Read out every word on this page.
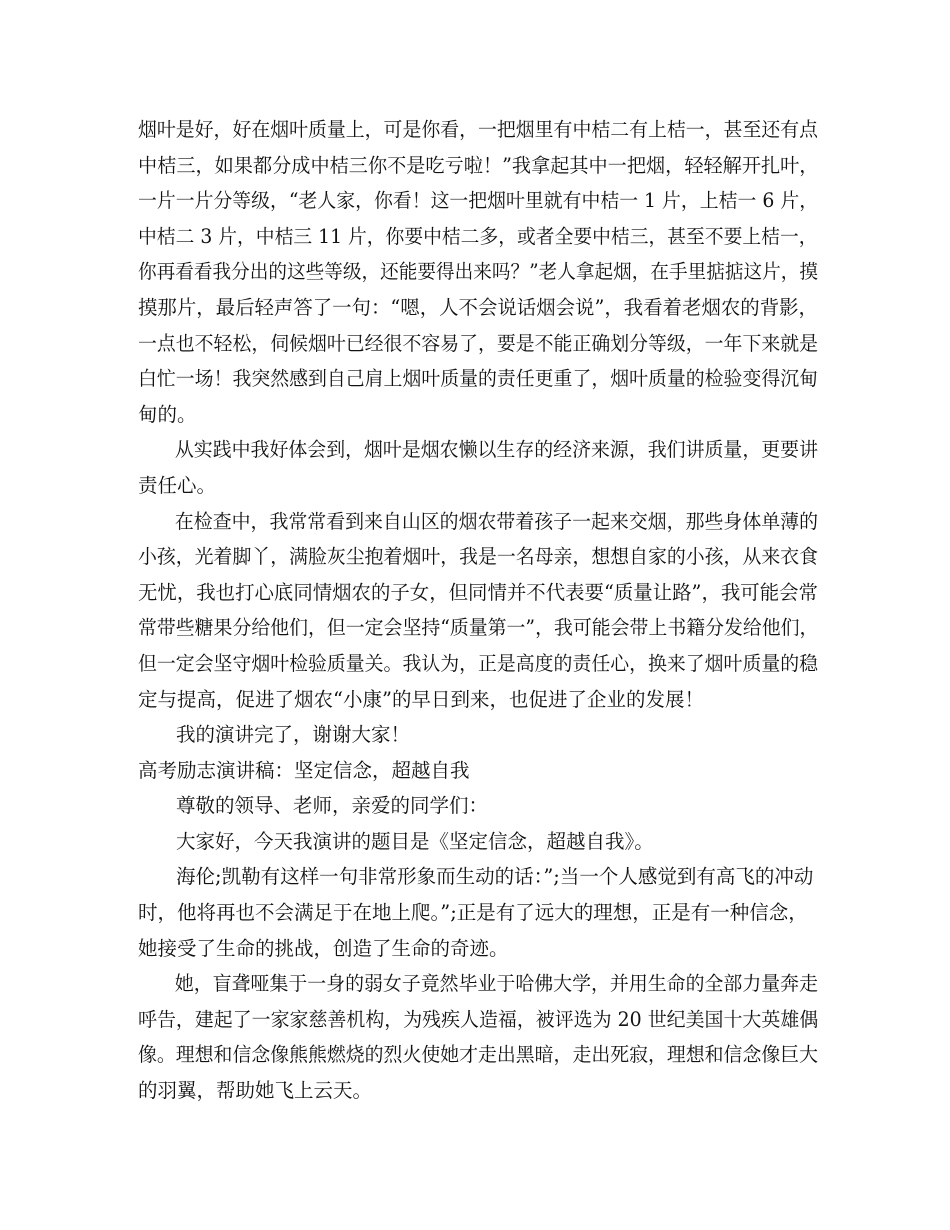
烟叶是好，好在烟叶质量上，可是你看，一把烟里有中桔二有上桔一，甚至还有点
中桔三，如果都分成中桔三你不是吃亏啦！”我拿起其中一把烟，轻轻解开扎叶，
一片一片分等级，“老人家，你看！这一把烟叶里就有中桔一 1 片，上桔一 6 片，
中桔二 3 片，中桔三 11 片，你要中桔二多，或者全要中桔三，甚至不要上桔一，
你再看看我分出的这些等级，还能要得出来吗？”老人拿起烟，在手里掂掂这片，摸
摸那片，最后轻声答了一句：“嗯，人不会说话烟会说”，我看着老烟农的背影，
一点也不轻松，伺候烟叶已经很不容易了，要是不能正确划分等级，一年下来就是
白忙一场！我突然感到自己肩上烟叶质量的责任更重了，烟叶质量的检验变得沉甸
甸的。
从实践中我好体会到，烟叶是烟农懒以生存的经济来源，我们讲质量，更要讲
责任心。
在检查中，我常常看到来自山区的烟农带着孩子一起来交烟，那些身体单薄的
小孩，光着脚丫，满脸灰尘抱着烟叶，我是一名母亲，想想自家的小孩，从来衣食
无忧，我也打心底同情烟农的子女，但同情并不代表要“质量让路”，我可能会常
常带些糖果分给他们，但一定会坚持“质量第一”，我可能会带上书籍分发给他们，
但一定会坚守烟叶检验质量关。我认为，正是高度的责任心，换来了烟叶质量的稳
定与提高，促进了烟农“小康”的早日到来，也促进了企业的发展！
我的演讲完了，谢谢大家！
高考励志演讲稿：坚定信念，超越自我
尊敬的领导、老师，亲爱的同学们：
大家好，今天我演讲的题目是《坚定信念，超越自我》。
海伦;凯勒有这样一句非常形象而生动的话：”;当一个人感觉到有高飞的冲动
时，他将再也不会满足于在地上爬。”;正是有了远大的理想，正是有一种信念，
她接受了生命的挑战，创造了生命的奇迹。
她，盲聋哑集于一身的弱女子竟然毕业于哈佛大学，并用生命的全部力量奔走
呼告，建起了一家家慈善机构，为残疾人造福，被评选为 20 世纪美国十大英雄偶
像。理想和信念像熊熊燃烧的烈火使她才走出黑暗，走出死寂，理想和信念像巨大
的羽翼，帮助她飞上云天。
